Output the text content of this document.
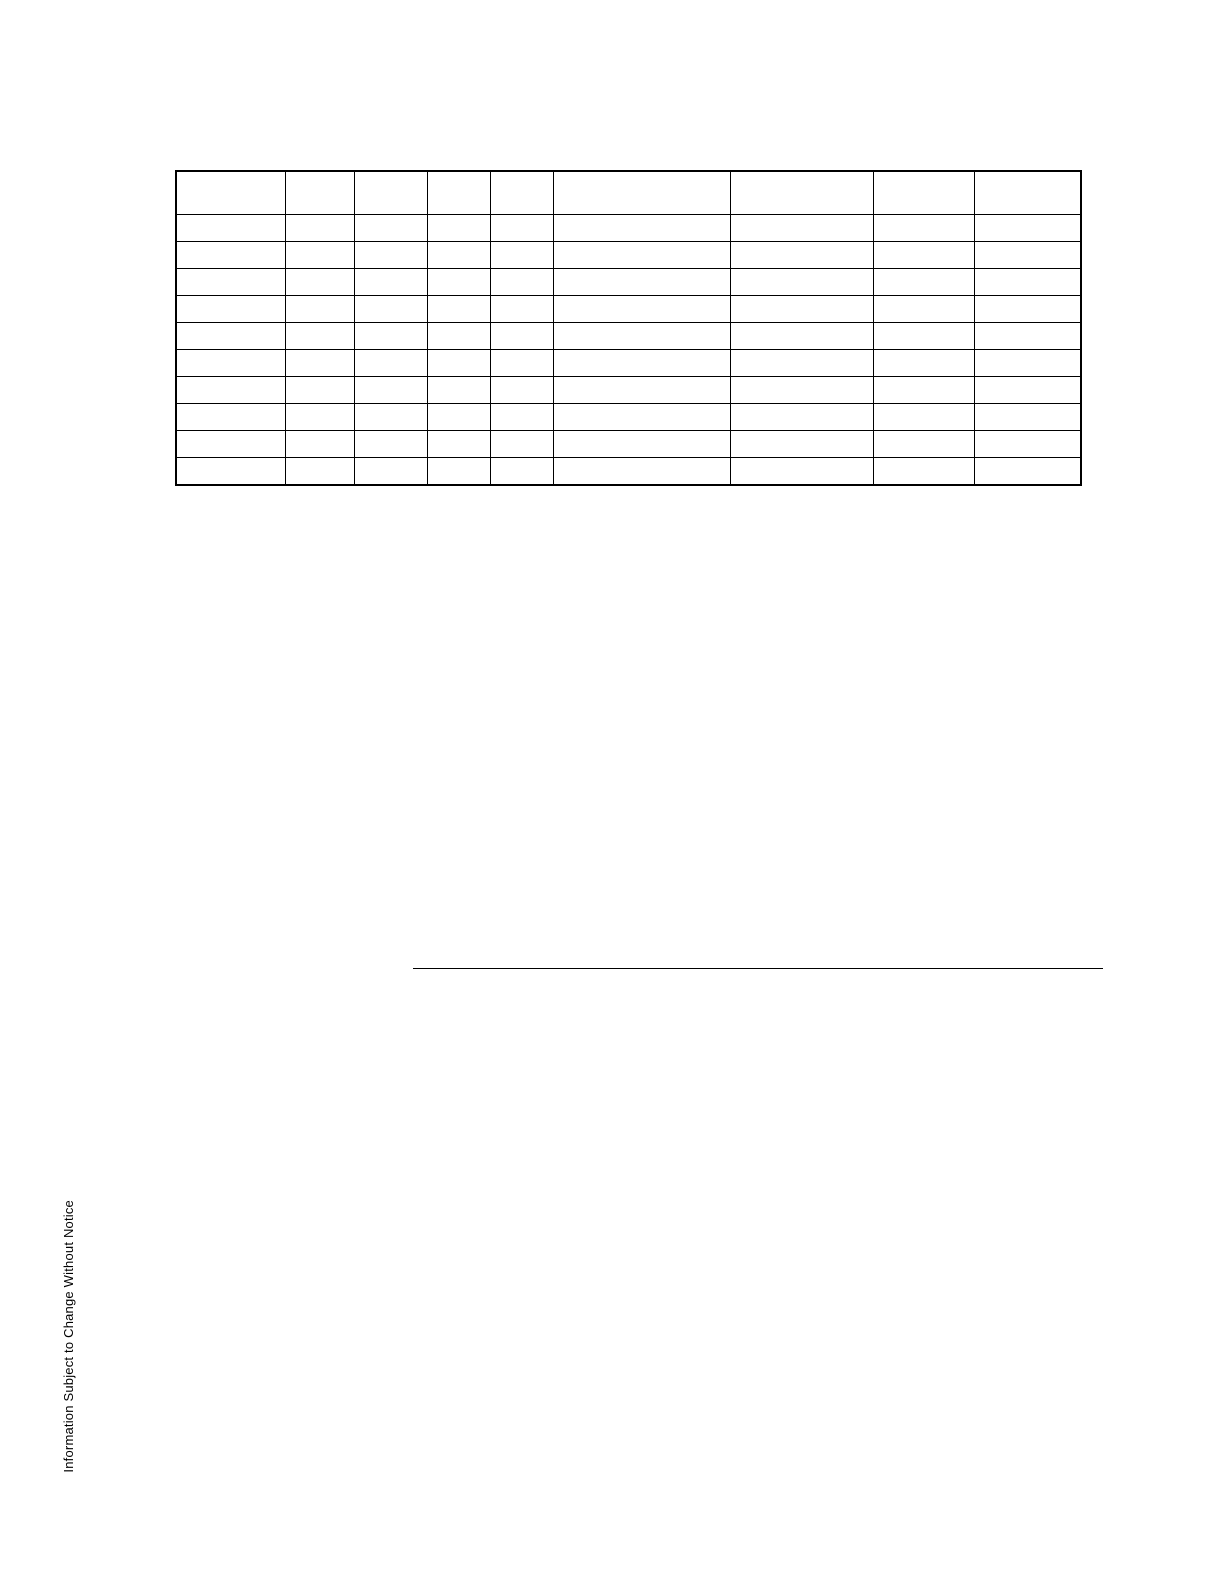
Information Subject to Change Without Notice
